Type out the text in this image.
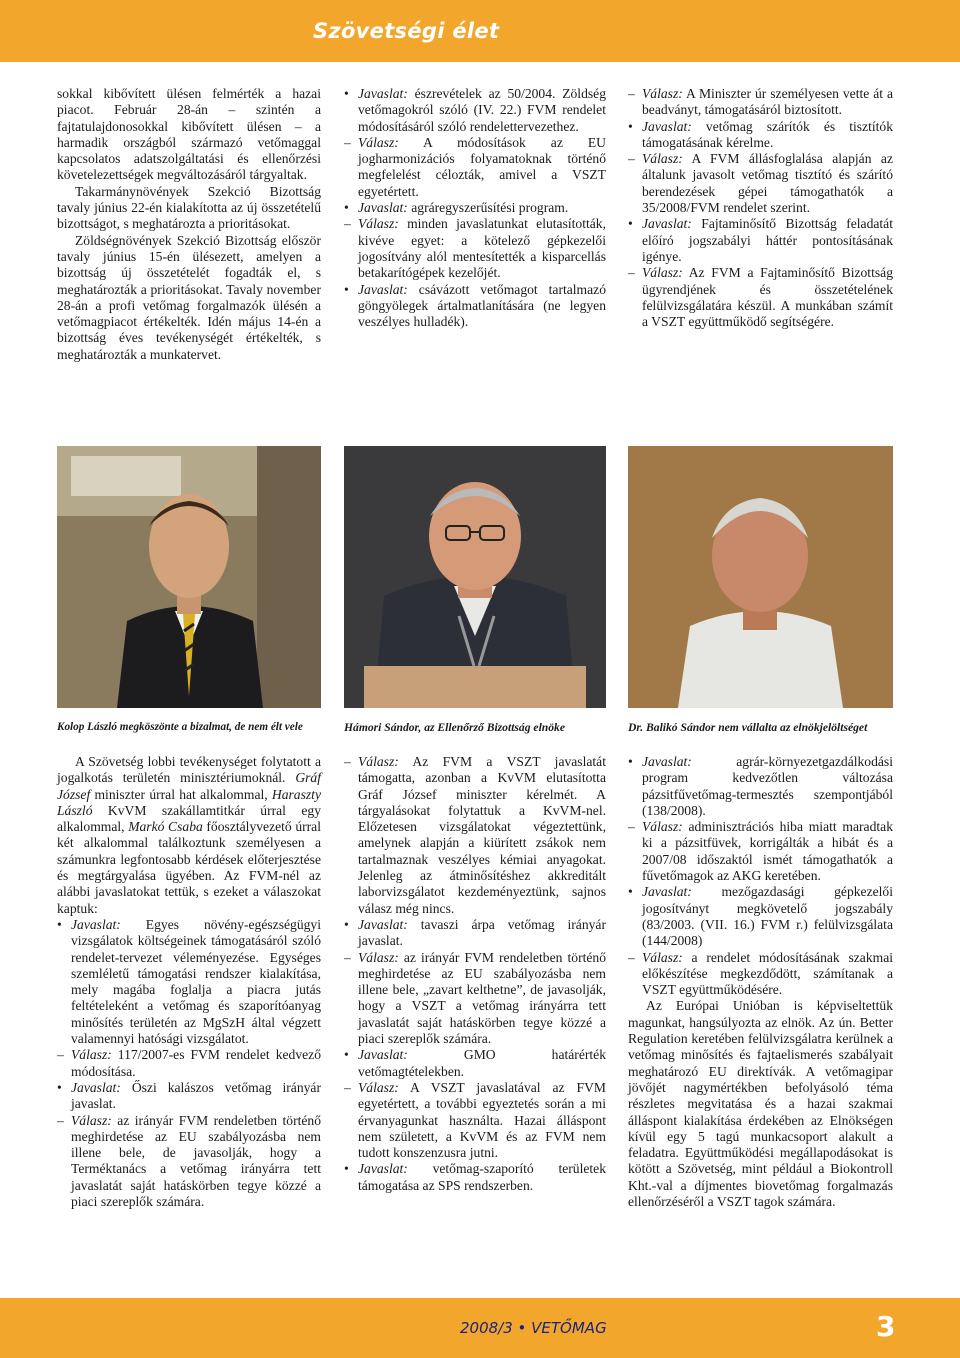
Szövetségi élet

sokkal kibővített ülésen felmérték a hazai piacot. Február 28-án – szintén a fajtatulajdonosokkal kibővített ülésen – a harmadik országból származó vetőmaggal kapcsolatos adatszolgáltatási és ellenőrzési követelezettségek megváltozásáról tárgyaltak.

Takarmánynövények Szekció Bizottság tavaly június 22-én kialakította az új összetételű bizottságot, s meghatározta a prioritásokat.

Zöldségnövények Szekció Bizottság először tavaly június 15-én ülésezett, amelyen a bizottság új összetételét fogadták el, s meghatározták a prioritásokat. Tavaly november 28-án a profi vetőmag forgalmazók ülésén a vetőmagpiacot értékelték. Idén május 14-én a bizottság éves tevékenységét értékelték, s meghatározták a munkatervet.

• Javaslat: észrevételek az 50/2004. Zöldség vetőmagokról szóló (IV. 22.) FVM rendelet módosításáról szóló rendelettervezethez.

– Válasz: A módosítások az EU jogharmonizációs folyamatoknak történő megfelelést célozták, amivel a VSZT egyetértett.

• Javaslat: agráregyszerűsítési program.

– Válasz: minden javaslatunkat elutasították, kivéve egyet: a kötelező gépkezelői jogosítvány alól mentesítették a kisparcellás betakarítógépek kezelőjét.

• Javaslat: csávázott vetőmagot tartalmazó göngyölegek ártalmatlanítására (ne legyen veszélyes hulladék).

– Válasz: A Miniszter úr személyesen vette át a beadványt, támogatásáról biztosított.

• Javaslat: vetőmag szárítók és tisztítók támogatásának kérelme.

– Válasz: A FVM állásfoglalása alapján az általunk javasolt vetőmag tisztító és szárító berendezések gépei támogathatók a 35/2008/FVM rendelet szerint.

• Javaslat: Fajtaminősítő Bizottság feladatát előíró jogszabályi háttér pontosításának igénye.

– Válasz: Az FVM a Fajtaminősítő Bizottság ügyrendjének és összetételének felülvizsgálatára készül. A munkában számít a VSZT együttműködő segítségére.

Kolop László megköszönte a bizalmat, de nem élt vele	Hámori Sándor, az Ellenőrző Bizottság elnöke	Dr. Balikó Sándor nem vállalta az elnökjelöltséget

A Szövetség lobbi tevékenységet folytatott a jogalkotás területén minisztériumoknál. Gráf József miniszter úrral hat alkalommal, Haraszty László KvVM szakállamtitkár úrral egy alkalommal, Markó Csaba főosztályvezető úrral két alkalommal találkoztunk személyesen a számunkra legfontosabb kérdések előterjesztése és megtárgyalása ügyében. Az FVM-nél az alábbi javaslatokat tettük, s ezeket a válaszokat kaptuk:

• Javaslat: Egyes növény-egészségügyi vizsgálatok költségeinek támogatásáról szóló rendelet-tervezet véleményezése. Egységes szemléletű támogatási rendszer kialakítása, mely magába foglalja a piacra jutás feltételeként a vetőmag és szaporítóanyag minősítés területén az MgSzH által végzett valamennyi hatósági vizsgálatot.

– Válasz: 117/2007-es FVM rendelet kedvező módosítása.

• Javaslat: Őszi kalászos vetőmag irányár javaslat.

– Válasz: az irányár FVM rendeletben történő meghirdetése az EU szabályozásba nem illene bele, de javasolják, hogy a Terméktanács a vetőmag irányárra tett javaslatát saját hatáskörben tegye közzé a piaci szereplők számára.

– Válasz: Az FVM a VSZT javaslatát támogatta, azonban a KvVM elutasította Gráf József miniszter kérelmét. A tárgyalásokat folytattuk a KvVM-nel. Előzetesen vizsgálatokat végeztettünk, amelynek alapján a kiürített zsákok nem tartalmaznak veszélyes kémiai anyagokat. Jelenleg az átminősítéshez akkreditált laborvizsgálatot kezdeményeztünk, sajnos válasz még nincs.

• Javaslat: tavaszi árpa vetőmag irányár javaslat.

– Válasz: az irányár FVM rendeletben történő meghirdetése az EU szabályozásba nem illene bele, „zavart kelthetne”, de javasolják, hogy a VSZT a vetőmag irányárra tett javaslatát saját hatáskörben tegye közzé a piaci szereplők számára.

• Javaslat: GMO határérték vetőmagtételekben.

– Válasz: A VSZT javaslatával az FVM egyetértett, a további egyeztetés során a mi érvanyagunkat használta. Hazai álláspont nem született, a KvVM és az FVM nem tudott konszenzusra jutni.

• Javaslat: vetőmag-szaporító területek támogatása az SPS rendszerben.

• Javaslat: agrár-környezetgazdálkodási program kedvezőtlen változása pázsitfűvetőmag-termesztés szempontjából (138/2008).

– Válasz: adminisztrációs hiba miatt maradtak ki a pázsitfüvek, korrigálták a hibát és a 2007/08 időszaktól ismét támogathatók a fűvetőmagok az AKG keretében.

• Javaslat: mezőgazdasági gépkezelői jogosítványt megkövetelő jogszabály (83/2003. (VII. 16.) FVM r.) felülvizsgálata (144/2008)

– Válasz: a rendelet módosításának szakmai előkészítése megkezdődött, számítanak a VSZT együttműködésére.

Az Európai Unióban is képviseltettük magunkat, hangsúlyozta az elnök. Az ún. Better Regulation keretében felülvizsgálatra kerülnek a vetőmag minősítés és fajtaelismerés szabályait meghatározó EU direktívák. A vetőmagipar jövőjét nagymértékben befolyásoló téma részletes megvitatása és a hazai szakmai álláspont kialakítása érdekében az Elnökségen kívül egy 5 tagú munkacsoport alakult a feladatra. Együttműködési megállapodásokat is kötött a Szövetség, mint például a Biokontroll Kht.-val a díjmentes biovetőmag forgalmazás ellenőrzéséről a VSZT tagok számára.

2008/3 • VETŐMAG	3
